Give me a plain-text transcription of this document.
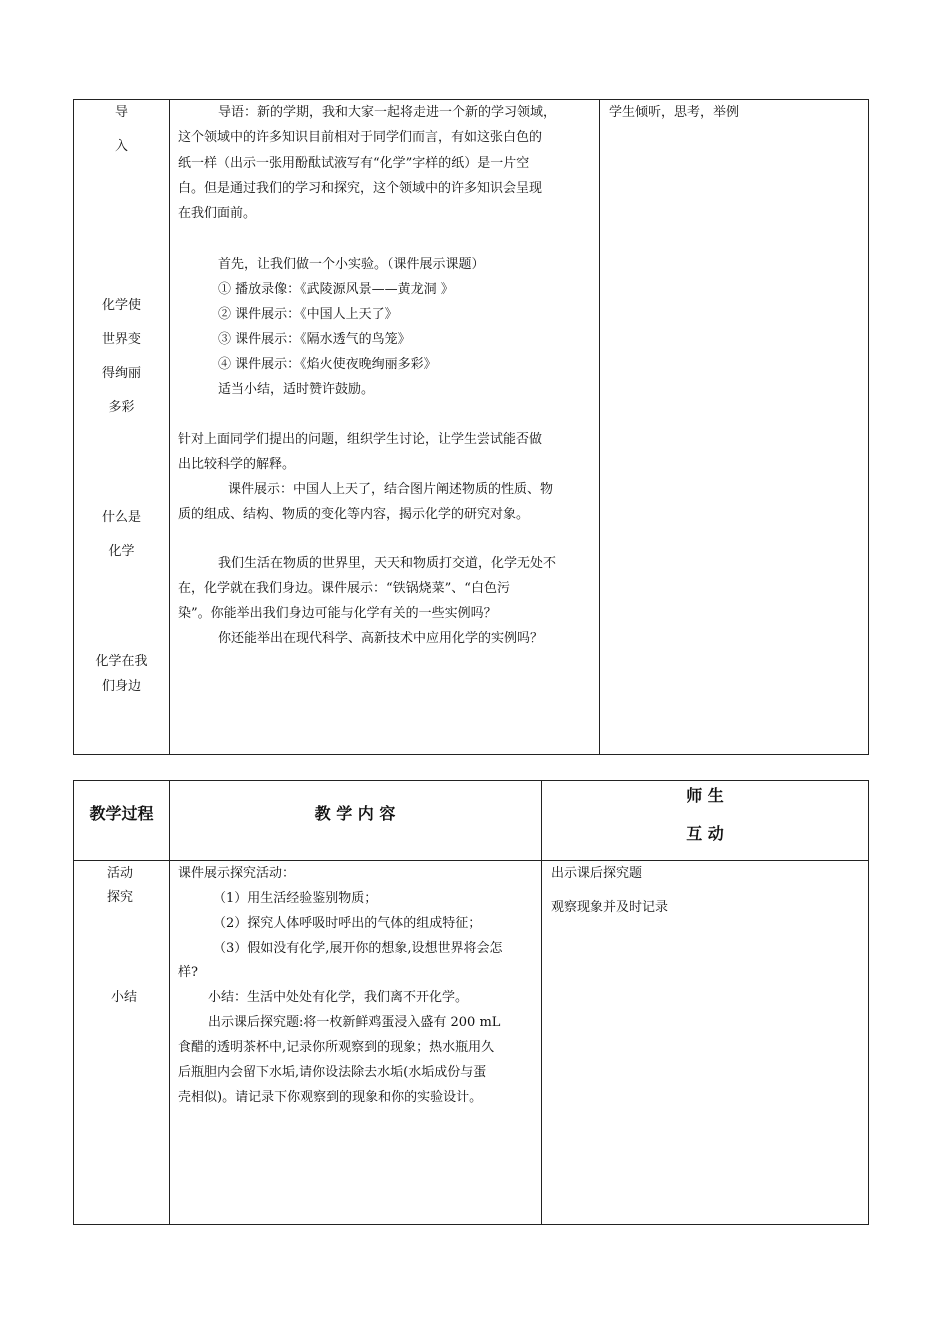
导
入
化学使
世界变
得绚丽
多彩
什么是
化学
化学在我
们身边
导语：新的学期，我和大家一起将走进一个新的学习领域，
这个领域中的许多知识目前相对于同学们而言，有如这张白色的
纸一样（出示一张用酚酞试液写有“化学”字样的纸）是一片空
白。但是通过我们的学习和探究，这个领域中的许多知识会呈现
在我们面前。
首先，让我们做一个小实验。（课件展示课题）
① 播放录像：《武陵源风景——黄龙洞 》
② 课件展示：《中国人上天了》
③ 课件展示：《隔水透气的鸟笼》
④ 课件展示：《焰火使夜晚绚丽多彩》
适当小结，适时赞许鼓励。
针对上面同学们提出的问题，组织学生讨论，让学生尝试能否做
出比较科学的解释。
课件展示：中国人上天了，结合图片阐述物质的性质、物
质的组成、结构、物质的变化等内容，揭示化学的研究对象。
我们生活在物质的世界里，天天和物质打交道，化学无处不
在，化学就在我们身边。课件展示：“铁锅烧菜”、“白色污
染”。你能举出我们身边可能与化学有关的一些实例吗？
你还能举出在现代科学、高新技术中应用化学的实例吗？
学生倾听，思考，举例
教学过程	教 学 内 容
师 生
互 动
活动
探究
小结
课件展示探究活动：
（1）用生活经验鉴别物质；
（2）探究人体呼吸时呼出的气体的组成特征；
（3）假如没有化学,展开你的想象,设想世界将会怎
样?
小结：生活中处处有化学，我们离不开化学。
出示课后探究题:将一枚新鲜鸡蛋浸入盛有 200 mL
食醋的透明茶杯中,记录你所观察到的现象；热水瓶用久
后瓶胆内会留下水垢,请你设法除去水垢(水垢成份与蛋
壳相似)。请记录下你观察到的现象和你的实验设计。
出示课后探究题
观察现象并及时记录
